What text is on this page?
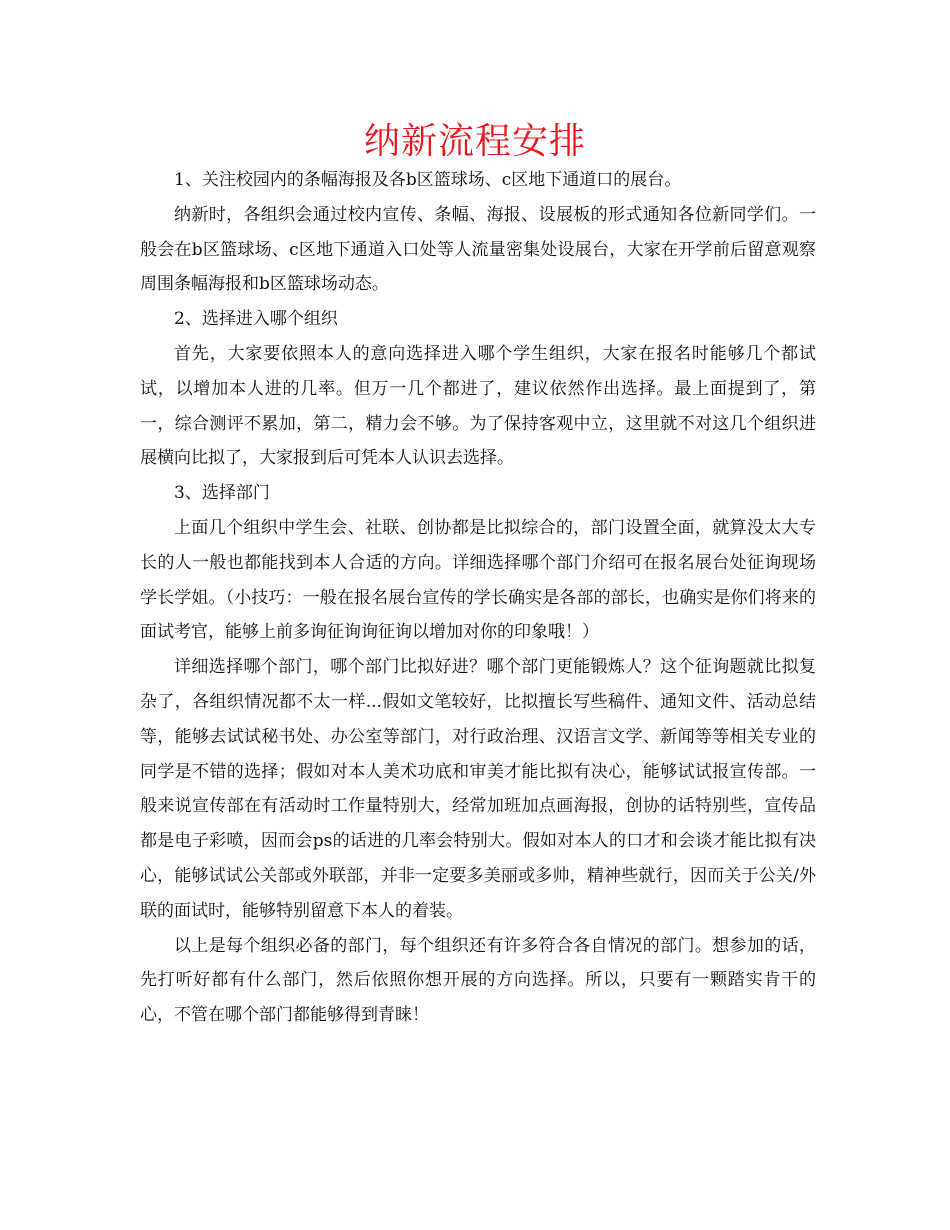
纳新流程安排

1、关注校园内的条幅海报及各b区篮球场、c区地下通道口的展台。

纳新时，各组织会通过校内宣传、条幅、海报、设展板的形式通知各位新同学们。一般会在b区篮球场、c区地下通道入口处等人流量密集处设展台，大家在开学前后留意观察周围条幅海报和b区篮球场动态。

2、选择进入哪个组织

首先，大家要依照本人的意向选择进入哪个学生组织，大家在报名时能够几个都试试，以增加本人进的几率。但万一几个都进了，建议依然作出选择。最上面提到了，第一，综合测评不累加，第二，精力会不够。为了保持客观中立，这里就不对这几个组织进展横向比拟了，大家报到后可凭本人认识去选择。

3、选择部门

上面几个组织中学生会、社联、创协都是比拟综合的，部门设置全面，就算没太大专长的人一般也都能找到本人合适的方向。详细选择哪个部门介绍可在报名展台处征询现场学长学姐。（小技巧：一般在报名展台宣传的学长确实是各部的部长，也确实是你们将来的面试考官，能够上前多询征询询征询以增加对你的印象哦！）

详细选择哪个部门，哪个部门比拟好进？哪个部门更能锻炼人？这个征询题就比拟复杂了，各组织情况都不太一样...假如文笔较好，比拟擅长写些稿件、通知文件、活动总结等，能够去试试秘书处、办公室等部门，对行政治理、汉语言文学、新闻等等相关专业的同学是不错的选择；假如对本人美术功底和审美才能比拟有决心，能够试试报宣传部。一般来说宣传部在有活动时工作量特别大，经常加班加点画海报，创协的话特别些，宣传品都是电子彩喷，因而会ps的话进的几率会特别大。假如对本人的口才和会谈才能比拟有决心，能够试试公关部或外联部，并非一定要多美丽或多帅，精神些就行，因而关于公关/外联的面试时，能够特别留意下本人的着装。

以上是每个组织必备的部门，每个组织还有许多符合各自情况的部门。想参加的话，先打听好都有什么部门，然后依照你想开展的方向选择。所以，只要有一颗踏实肯干的心，不管在哪个部门都能够得到青睐！
